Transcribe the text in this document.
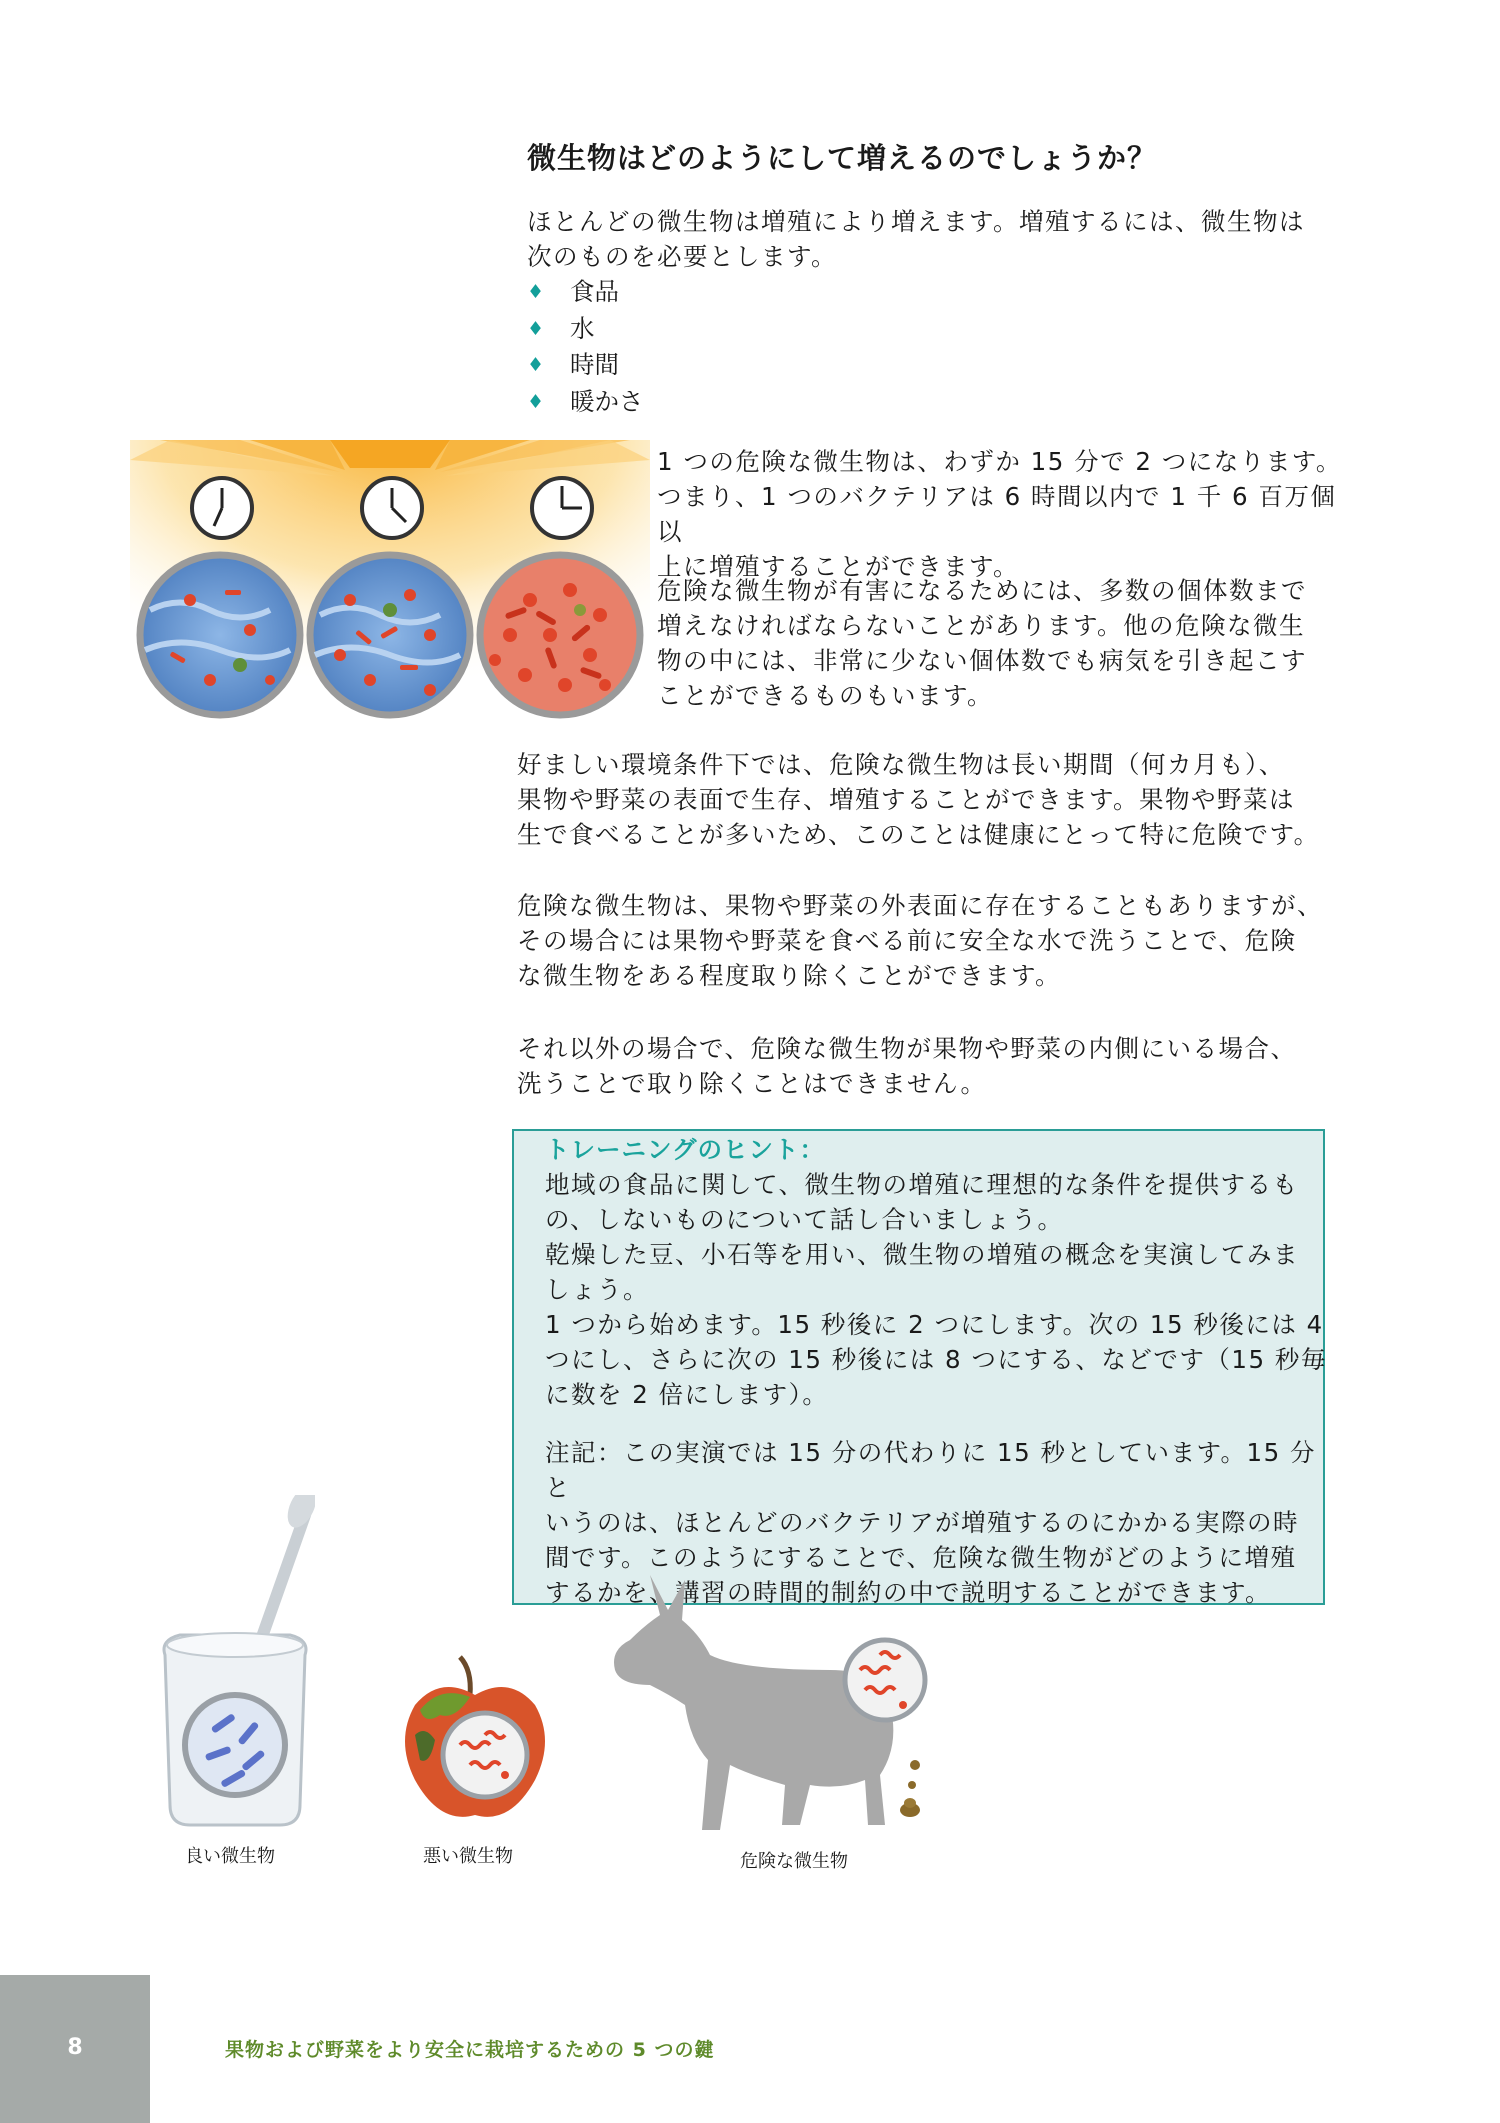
微生物はどのようにして増えるのでしょうか？
ほとんどの微生物は増殖により増えます。増殖するには、微生物は
次のものを必要とします。
♦	食品
♦	水
♦	時間
♦	暖かさ
1 つの危険な微生物は、わずか 15 分で 2 つになります。
つまり、1 つのバクテリアは 6 時間以内で 1 千 6 百万個以
上に増殖することができます。
危険な微生物が有害になるためには、多数の個体数まで
増えなければならないことがあります。他の危険な微生
物の中には、非常に少ない個体数でも病気を引き起こす
ことができるものもいます。
好ましい環境条件下では、危険な微生物は長い期間（何カ月も）、
果物や野菜の表面で生存、増殖することができます。果物や野菜は
生で食べることが多いため、このことは健康にとって特に危険です。
危険な微生物は、果物や野菜の外表面に存在することもありますが、
その場合には果物や野菜を食べる前に安全な水で洗うことで、危険
な微生物をある程度取り除くことができます。
それ以外の場合で、危険な微生物が果物や野菜の内側にいる場合、
洗うことで取り除くことはできません。
トレーニングのヒント：
地域の食品に関して、微生物の増殖に理想的な条件を提供するも
の、しないものについて話し合いましょう。
乾燥した豆、小石等を用い、微生物の増殖の概念を実演してみま
しょう。
1 つから始めます。15 秒後に 2 つにします。次の 15 秒後には 4
つにし、さらに次の 15 秒後には 8 つにする、などです（15 秒毎
に数を 2 倍にします）。
注記：この実演では 15 分の代わりに 15 秒としています。15 分と
いうのは、ほとんどのバクテリアが増殖するのにかかる実際の時
間です。このようにすることで、危険な微生物がどのように増殖
するかを、講習の時間的制約の中で説明することができます。
良い微生物	悪い微生物	危険な微生物
8	果物および野菜をより安全に栽培するための 5 つの鍵
